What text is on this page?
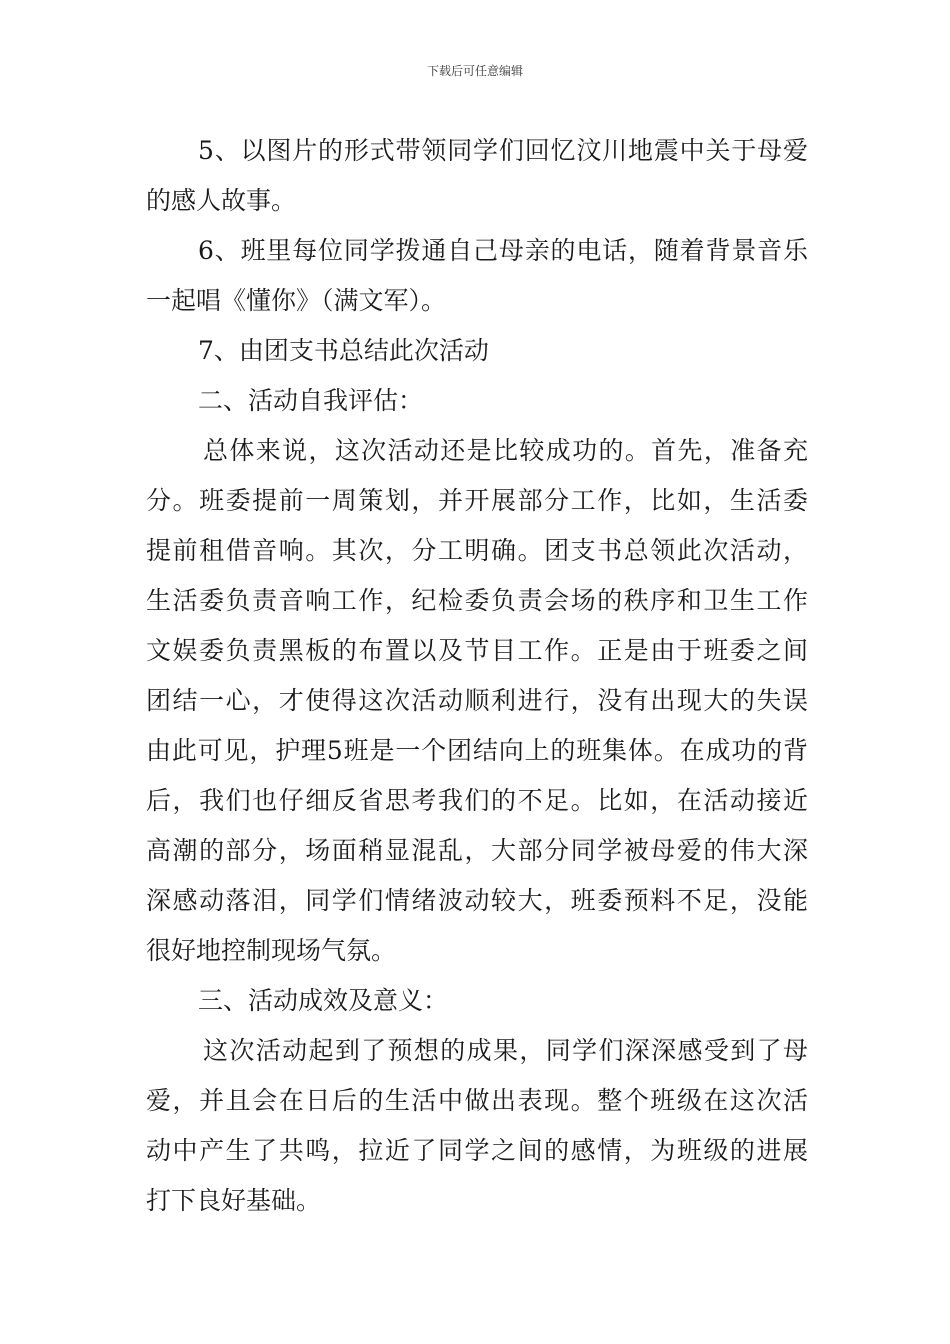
下载后可任意编辑
5、以图片的形式带领同学们回忆汶川地震中关于母爱
的感人故事。
6、班里每位同学拨通自己母亲的电话，随着背景音乐
一起唱《懂你》（满文军）。
7、由团支书总结此次活动
二、活动自我评估：
总体来说，这次活动还是比较成功的。首先，准备充
分。班委提前一周策划，并开展部分工作，比如，生活委
提前租借音响。其次，分工明确。团支书总领此次活动，
生活委负责音响工作，纪检委负责会场的秩序和卫生工作
文娱委负责黑板的布置以及节目工作。正是由于班委之间
团结一心，才使得这次活动顺利进行，没有出现大的失误
由此可见，护理5班是一个团结向上的班集体。在成功的背
后，我们也仔细反省思考我们的不足。比如，在活动接近
高潮的部分，场面稍显混乱，大部分同学被母爱的伟大深
深感动落泪，同学们情绪波动较大，班委预料不足，没能
很好地控制现场气氛。
三、活动成效及意义：
这次活动起到了预想的成果，同学们深深感受到了母
爱，并且会在日后的生活中做出表现。整个班级在这次活
动中产生了共鸣，拉近了同学之间的感情，为班级的进展
打下良好基础。
